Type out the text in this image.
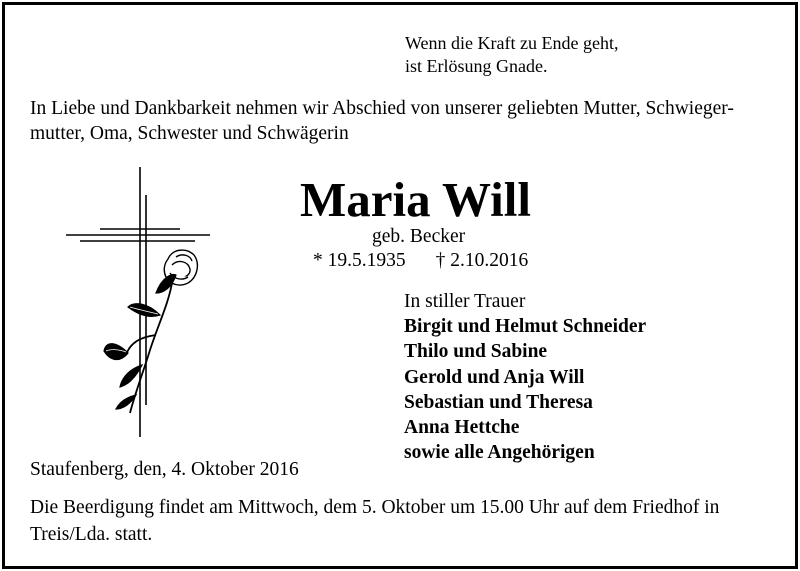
Wenn die Kraft zu Ende geht,
ist Erlösung Gnade.
In Liebe und Dankbarkeit nehmen wir Abschied von unserer geliebten Mutter, Schwieger-
mutter, Oma, Schwester und Schwägerin
Maria Will
geb. Becker
* 19.5.1935 † 2.10.2016
In stiller Trauer
Birgit und Helmut Schneider
Thilo und Sabine
Gerold und Anja Will
Sebastian und Theresa
Anna Hettche
sowie alle Angehörigen
Staufenberg, den, 4. Oktober 2016
Die Beerdigung findet am Mittwoch, dem 5. Oktober um 15.00 Uhr auf dem Friedhof in
Treis/Lda. statt.
